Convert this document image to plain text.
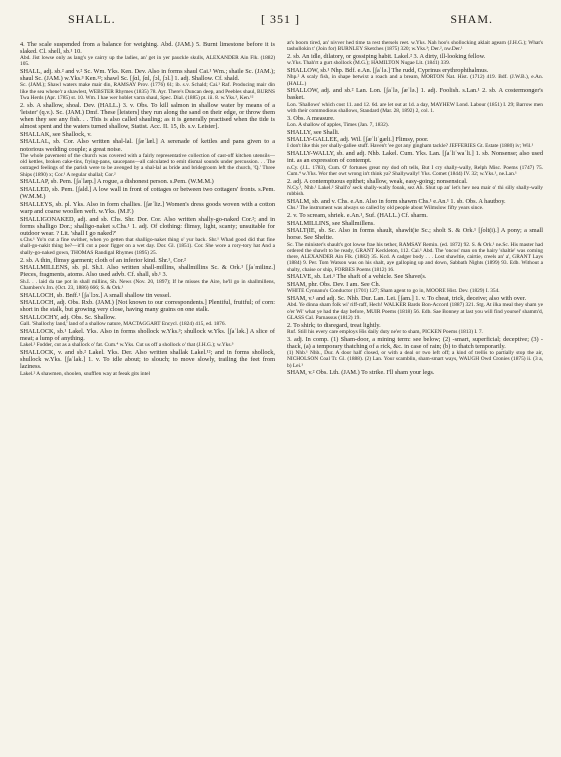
SHALL.	[ 351 ]	SHAM.

4. The scale suspended from a balance for weighing. Abd. (JAM.) 5. Burnt limestone before it is slaked. Cl. shell, sb.¹ 10.

Abd. Jist lowse only as lang's ye cairry up the ladies, an' get in yer pauckle skulls, ALEXANDER Ain Flk. (1882) 105.

SHALL, adj. sb.² and v.² Sc. Wm. Yks. Ken. Dev. Also in forms shaul Cai.¹ Wm.; shaile Sc. (JAM.); shaul Sc. (JAM.) w.Yks.³ Ken.¹²; shawl Sc. [ʃɑl, ʃɑl, ʃɔl, ʃɔl.] 1. adj. Shallow. Cf. shald.

Sc. (JAM.); Shawl waters make mair din, RAMSAY Prov. (1776) 61; ib. s.v. Schald; Cai.¹ Raf. Producing mair din like the sea whene'r a shawlest, WEBSTER Rhymes (1835) 78. Ayr. There's Duncan deep, and Peebles shaul, BURNS Twa Herds (Apr. 1785) st. 10. Wm. I hae wer hoblet varra shaul, Spec. Dial. (1885) pt. iii. 8. w.Yks.³, Ken.¹²

2. sb. A shallow, shoal. Dev. (HALL.) 3. v. Obs. To kill salmon in shallow water by means of a 'leister' (q.v.). Sc. (JAM.) Dmf. These [leisters] they run along the sand on their edge, or throw them when they see any fish. . . This is also called shauling; as it is generally practised when the tide is almost spent and the waters turned shallow, Statist. Acc. II. 15, ib. s.v. Leister].

SHALLAK, see Shallock, v.

SHALLAL, sb. Cor. Also written shal-lal. [ʃæˈlæl.] A serenade of kettles and pans given to a notorious wedding couple; a great noise.

The whole pavement of the church was covered with a fairly representative collection of cast-off kitchen utensils—old kettles, broken cake-tins, frying-pans, saucepans—all calculated to emit dismal sounds under percussion. . . The outraged feelings of the parish were to be avenged by a shal-lal as bride and bridegroom left the church, 'Q.' Three Ships (1890) x; Cor.¹ A regular shallal; Cor.²

SHALLAP, sb. Pem. [ʃaˈlæp.] A rogue, a dishonest person. s.Pem. (W.M.M.)

SHALLED, sb. Pem. [ʃald.] A low wall in front of cottages or between two cottagers' fronts. s.Pem. (W.M.M.)

SHALLEYS, sb. pl. Yks. Also in form challies. [ʃæˈliz.] Women's dress goods woven with a cotton warp and coarse woollen weft. w.Yks. (M.F.)

SHALLIGONAKED, adj. and sb. Chs. Shr. Dor. Cor. Also written shally-go-naked Cor.²; and in forms shalligo Dor.; shalligo-naket s.Chs.¹ 1. adj. Of clothing: flimsy, light, scanty; unsuitable for outdoor wear. ? Lit. 'shall I go naked?'

s.Chs.¹ Yo'n cut a fine swither, when yo getten that shalligo-naket thing o' yur back. Shr.¹ Whad good did that fine shall-go-nakit thing be?—it'll cut a poor figger on a wet day. Dor. Gl. (1851). Cor. She wore a rory-tory hat And a shally-go-naked gown, THOMAS Randigal Rhymes (1895) 25.

2. sb. A thin, flimsy garment; cloth of an inferior kind. Shr.¹, Cor.²

SHALLMILLENS, sb. pl. Sh.I. Also written shall-millins, shallmillins Sc. & Ork.¹ [ʃaˈmilinz.] Pieces, fragments, atoms. Also used advb. Cf. shall, sb.¹ 3.

Sh.I. . . laid da tae pot in shall millins, Sh. News (Nov. 20, 1897); If he misses the Aire, he'll go in shallmillens, Chambers's Jrn. (Oct. 23, 1886) 666; S. & Ork.¹

SHALLOCH, sb. Bnff.¹ [ʃaˈlɔx.] A small shallow tin vessel.

SHALLOCH, adj. Obs. Rxb. (JAM.) [Not known to our correspondents.] Plentiful, fruitful; of corn: short in the stalk, but growing very close, having many grains on one stalk.

SHALLOCHY, adj. Obs. Sc. Shallow.

Gall. 'Shallochy land,' land of a shallow nature, MACTAGGART Encycl. (1824) 415, ed. 1876.

SHALLOCK, sb.¹ Lakel. Yks. Also in forms shollock w.Yks.³; shullock w.Yks. [ʃaˈlək.] A slice of meat; a lump of anything.

Lakel.² Fodder, cut as a shallock o' fat. Cum.⁴ w.Yks. Cut us off a shollock o' that (J.H.G.); w.Yks.³

SHALLOCK, v. and sb.² Lakel. Yks. Der. Also written shallak Lakel.¹²; and in forms shollock, shullock w.Yks. [ʃaˈlak.] 1. v. To idle about; to slouch; to move slowly, trailing the feet from laziness.

Lakel.² A shawmen, shoolen, snufflen way at feeak gits intel

at's boorn tired, an' nivver hed time ta rest thersels reet. w.Yks. Nah hoo's shollocking aklait agearn (J.H.G.); What's tashullokin t' (Join for) BURNLEY Sketches (1875) 320; w.Yks.³; Der.², nw.Der.¹

2. sb. An idle, dilatory, or gossiping habit. Lakel.² 3. A dirty, ill-looking fellow.

w.Yks. Thah'rt a gurt shollock (M.G.); HAMILTON Nugae Lit. (1841) 339.

SHALLOW, sb.¹ Nhp. Bdf. e.An. [ʃaˈlə.] The rudd, Cyprinus erythrophthalmus.

Nhp.² A scaly fish, in shape betwixt a roach and a bream, MORTON Nat. Hist. (1712) 419. Bdf. (J.W.B.), e.An. (HALL.)

SHALLOW, adj. and sb.² Lan. Lon. [ʃaˈlə, ʃæˈlə.] 1. adj. Foolish. s.Lan.¹ 2. sb. A costermonger's basket.

Lon. 'Shallows' which cost 11. and 12. 6d. are let out at 1d. a day, MAYHEW Lond. Labour (1851) I. 29; Barrow men with their commodious shallows, Standard (Mar. 28, 1892) 2, col. 1.

3. Obs. A measure.

Lon. A shallow of apples, Times (Jan. 7, 1832).

SHALLY, see Shalli.

SHALLY-GALLEE, adj. Wil. [ʃæˈliˈgæli.] Flimsy, poor.

I don't like this yer shally-gallee stuff. Haven't 'ee got any gingham tackle? JEFFERIES Gt. Estate (1880) iv; Wil.¹

SHALLY-WALLY, sb. and adj. Nhb. Lakel. Cum. Yks. Lan. [ʃaˈliˈwaˈli.] 1. sb. Nonsense; also used int. as an expression of contempt.

n.Cy. (J.L. 1783), Cum. O' fortunes great my dod oft tells, But I cry shally-wally, Relph Misc. Poems (1747) 75. Cum.⁴ w.Yks. Wor ther owt wrong in't think ya? Shallywally! Yks. Comet (1844) IV. 32; w.Yks.¹, ne.Lan.¹

2. adj. A contemptuous epithet; shallow, weak, easy-going; nonsensical.

N.Cy.¹, Nhb.¹ Lakel.² Shall'o' seck shally-wally fooak, sez Ah. Shut up an' let's hev nea mair o' thi silly shally-wally rubbish.

SHALM, sb. and v. Chs. e.An. Also in form shawm Chs.¹ e.An.¹ 1. sb. Obs. A hautboy.

Chs.¹ The instrument was always so called by old people about Wilmslow fifty years since.

2. v. To scream, shriek. e.An.¹, Suf. (HALL.) Cf. sharm.

SHALMILLINS, see Shallmillens.

SHALT(IE, sb. Sc. Also in forms shault, shawlt(ie Sc.; sholt S. & Ork.¹ [ʃolt(i).] A pony; a small horse. See Sheltie.

Sc. The minister's shault's got lowse frae his tether, RAMSAY Remin. (ed. 1872) 92. S. & Ork.¹ ne.Sc. His master had ordered the shawlt to be ready, GRANT Keckleton, 112. Cai.¹ Abd. The 'oncos' man on the hairy 'shaltie' was coming there, ALEXANDER Ain Flk. (1882) 35. Kcd. A cadger body . . . Lost shawltie, cairtie, creels an' a', GRANT Lays (1884) 9. Per. Tom Watson was on his shalt, aye galloping up and down, Sabbath Nights (1899) 93. Edb. Without a shalty, chaise or ship, FORBES Poems (1812) 16.

SHALVE, sb. Lei.¹ The shaft of a vehicle. See Shave(s.

SHAM, phr. Obs. Dev. I am. See Ch.

WHITE Cynnanu's Conductor (1701) 127; Sham agent to go in, MOORE Hist. Dev. (1829) I. 354.

SHAM, v.¹ and adj. Sc. Nhb. Dur. Lan. Lei. [ʃam.] 1. v. To cheat, trick, deceive; also with over.

Abd. Ye dinna sham folk wi' riff-raff, Hech! WALKER Bards Bon-Accord (1887) 321. Stg. At ilka meal they sham ye o'er Wi' what ye had the day before, MUIR Poems (1818) 56. Edb. Sae Bonney at last you will find yoursel' shamm'd, GLASS Cal. Parnassus (1812) 19.

2. To shirk; to disregard, treat lightly.

Rnf. Still his every care employs His daily duty ne'er to sham, PICKEN Poems (1813) I. 7.

3. adj. In comp. (1) Sham-door, a mining term: see below; (2) -smart, superficial; deceptive; (3) -thack, (a) a temporary thatching of a rick, &c. in case of rain; (b) to thatch temporarily.

(1) Nhb.¹ Nhb., Dur. A door half closed, or with a deal or two left off; a kind of trellis to partially stop the air, NICHOLSON Coal Tr. Gl. (1888). (2) Lan. Your scamblin, sham-smart ways, WAUGH Owd Cronies (1875) ii. (3 a, b) Lei.¹

SHAM, v.² Obs. Lth. (JAM.) To strike. I'll sham your legs.
